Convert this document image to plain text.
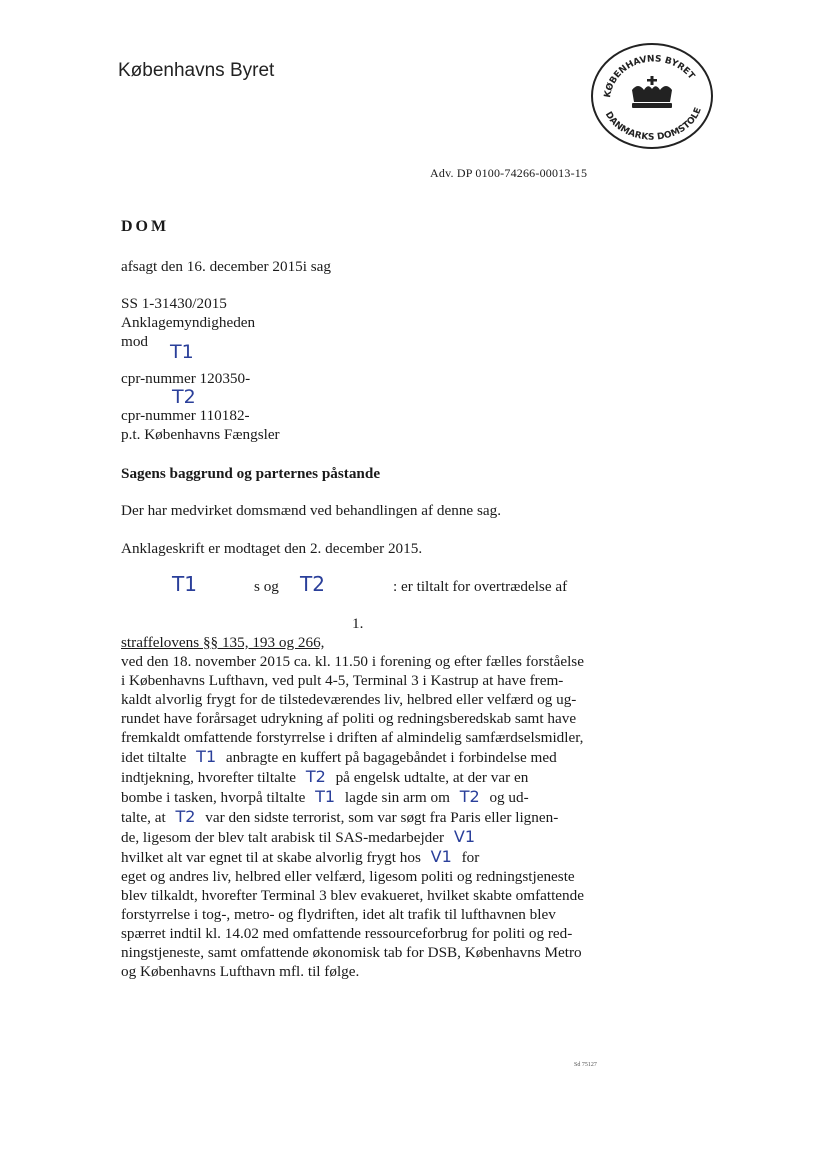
Københavns Byret
KØBENHAVNS BYRET
DANMARKS DOMSTOLE
Adv. DP 0100-74266-00013-15
DOM
afsagt den 16. december 2015i sag
SS 1-31430/2015
Anklagemyndigheden
mod T1
cpr-nummer 120350-
T2
cpr-nummer 110182-
p.t. Københavns Fængsler
Sagens baggrund og parternes påstande
Der har medvirket domsmænd ved behandlingen af denne sag.
Anklageskrift er modtaget den 2. december 2015.
T1	s og T2	: er tiltalt for overtrædelse af
1.
straffelovens §§ 135, 193 og 266,
ved den 18. november 2015 ca. kl. 11.50 i forening og efter fælles forståelse
i Københavns Lufthavn, ved pult 4-5, Terminal 3 i Kastrup at have frem-
kaldt alvorlig frygt for de tilstedeværendes liv, helbred eller velfærd og ug-
rundet have forårsaget udrykning af politi og redningsberedskab samt have
fremkaldt omfattende forstyrrelse i driften af almindelig samfærdselsmidler,
idet tiltalte T1 anbragte en kuffert på bagagebåndet i forbindelse med
indtjekning, hvorefter tiltalte T2 på engelsk udtalte, at der var en
bombe i tasken, hvorpå tiltalte T1 lagde sin arm om T2 og ud-
talte, at T2 var den sidste terrorist, som var søgt fra Paris eller lignen-
de, ligesom der blev talt arabisk til SAS-medarbejder V1
hvilket alt var egnet til at skabe alvorlig frygt hos V1 for
eget og andres liv, helbred eller velfærd, ligesom politi og redningstjeneste
blev tilkaldt, hvorefter Terminal 3 blev evakueret, hvilket skabte omfattende
forstyrrelse i tog-, metro- og flydriften, idet alt trafik til lufthavnen blev
spærret indtil kl. 14.02 med omfattende ressourceforbrug for politi og red-
ningstjeneste, samt omfattende økonomisk tab for DSB, Københavns Metro
og Københavns Lufthavn mfl. til følge.
Sd 75127
